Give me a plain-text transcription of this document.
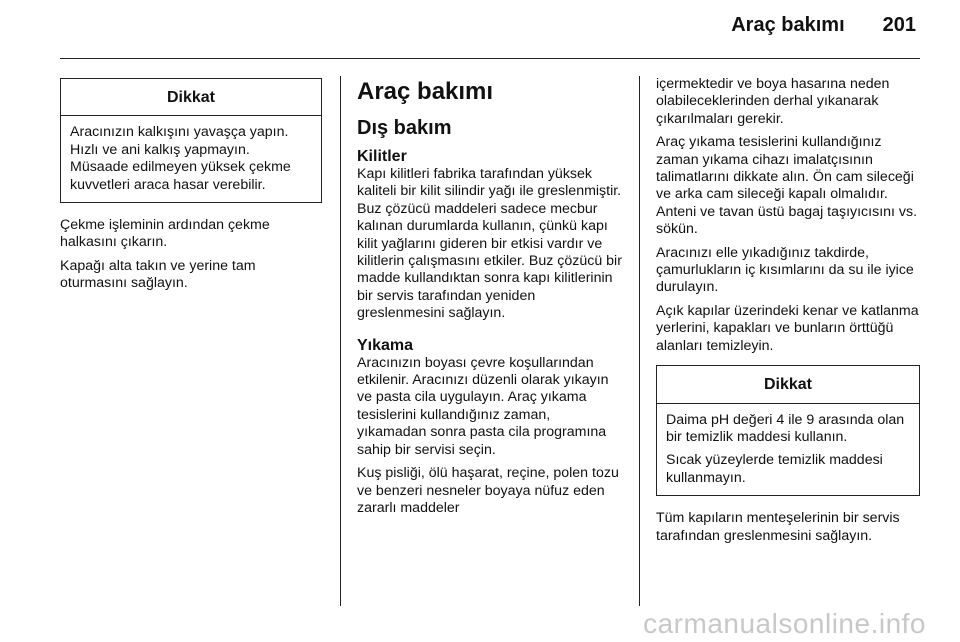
Araç bakımı 201
Dikkat

Aracınızın kalkışını yavaşça yapın. Hızlı ve ani kalkış yapmayın. Müsaade edilmeyen yüksek çekme kuvvetleri araca hasar verebilir.

Çekme işleminin ardından çekme halkasını çıkarın.

Kapağı alta takın ve yerine tam oturmasını sağlayın.

Araç bakımı
Dış bakım
Kilitler

Kapı kilitleri fabrika tarafından yüksek kaliteli bir kilit silindir yağı ile greslenmiştir. Buz çözücü maddeleri sadece mecbur kalınan durumlarda kullanın, çünkü kapı kilit yağlarını gideren bir etkisi vardır ve kilitlerin çalışmasını etkiler. Buz çözücü bir madde kullandıktan sonra kapı kilitlerinin bir servis tarafından yeniden greslenmesini sağlayın.

Yıkama

Aracınızın boyası çevre koşullarından etkilenir. Aracınızı düzenli olarak yıkayın ve pasta cila uygulayın. Araç yıkama tesislerini kullandığınız zaman, yıkamadan sonra pasta cila programına sahip bir servisi seçin.

Kuş pisliği, ölü haşarat, reçine, polen tozu ve benzeri nesneler boyaya nüfuz eden zararlı maddeler

içermektedir ve boya hasarına neden olabileceklerinden derhal yıkanarak çıkarılmaları gerekir.

Araç yıkama tesislerini kullandığınız zaman yıkama cihazı imalatçısının talimatlarını dikkate alın. Ön cam sileceği ve arka cam sileceği kapalı olmalıdır. Anteni ve tavan üstü bagaj taşıyıcısını vs. sökün.

Aracınızı elle yıkadığınız takdirde, çamurlukların iç kısımlarını da su ile iyice durulayın.

Açık kapılar üzerindeki kenar ve katlanma yerlerini, kapakları ve bunların örttüğü alanları temizleyin.

Dikkat

Daima pH değeri 4 ile 9 arasında olan bir temizlik maddesi kullanın.

Sıcak yüzeylerde temizlik maddesi kullanmayın.

Tüm kapıların menteşelerinin bir servis tarafından greslenmesini sağlayın.

carmanualsonline.info
